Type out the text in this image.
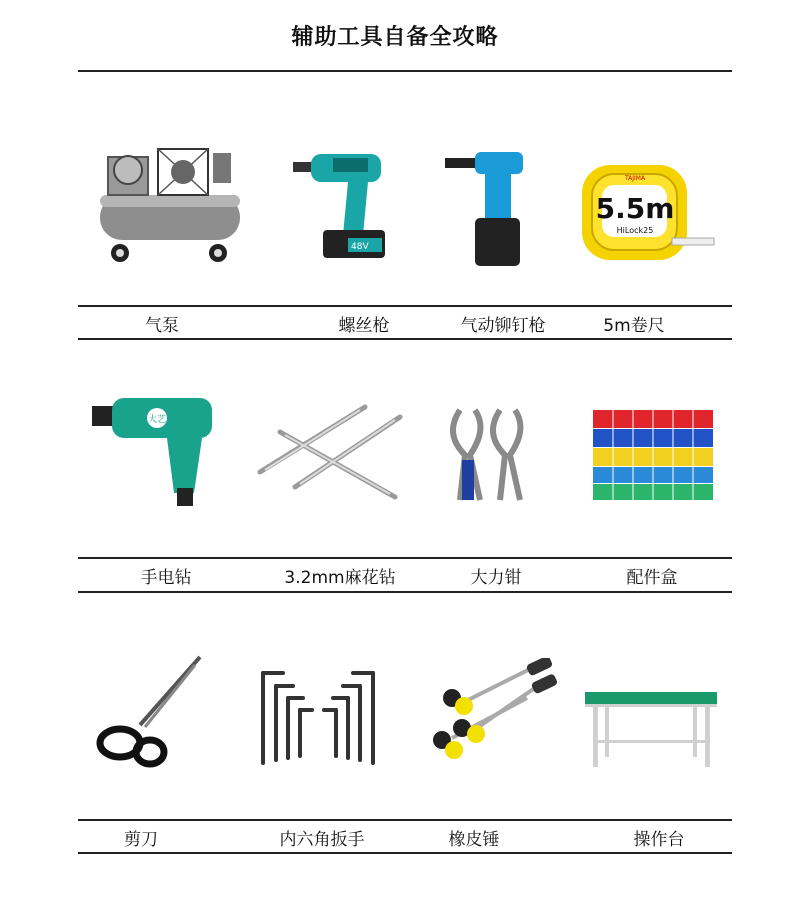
辅助工具自备全攻略
48V
5.5m
HiLock25
TAJIMA
气泵	螺丝枪	气动铆钉枪	5m卷尺
大艺
手电钻	3.2mm麻花钻	大力钳	配件盒
剪刀	内六角扳手	橡皮锤	操作台
